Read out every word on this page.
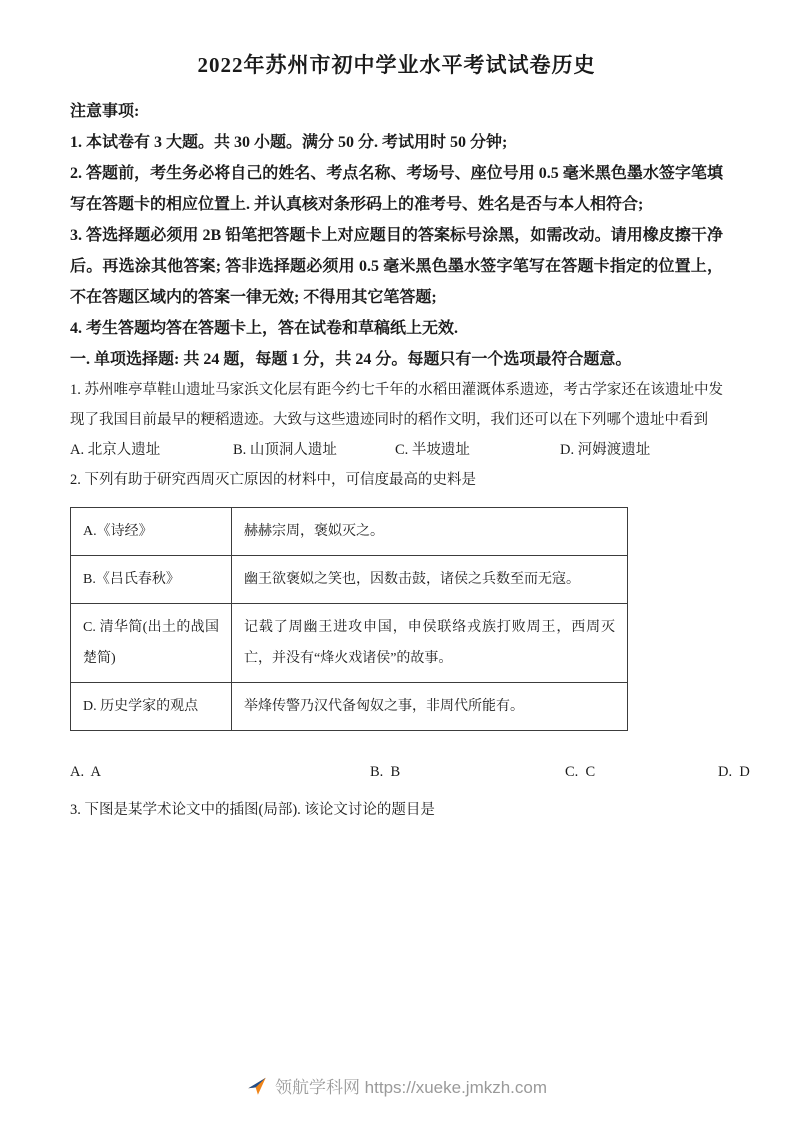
2022年苏州市初中学业水平考试试卷历史

注意事项:

1. 本试卷有 3 大题。共 30 小题。满分 50 分. 考试用时 50 分钟;

2. 答题前，考生务必将自己的姓名、考点名称、考场号、座位号用 0.5 毫米黑色墨水签字笔填写在答题卡的相应位置上. 并认真核对条形码上的准考号、姓名是否与本人相符合;

3. 答选择题必须用 2B 铅笔把答题卡上对应题目的答案标号涂黑，如需改动。请用橡皮擦干净后。再选涂其他答案; 答非选择题必须用 0.5 毫米黑色墨水签字笔写在答题卡指定的位置上，不在答题区域内的答案一律无效; 不得用其它笔答题;

4. 考生答题均答在答题卡上，答在试卷和草稿纸上无效.

一. 单项选择题: 共 24 题，每题 1 分，共 24 分。每题只有一个选项最符合题意。

1. 苏州唯亭草鞋山遗址马家浜文化层有距今约七千年的水稻田灌溉体系遗迹，考古学家还在该遗址中发现了我国目前最早的粳稻遗迹。大致与这些遗迹同时的稻作文明，我们还可以在下列哪个遗址中看到

A. 北京人遗址	B. 山顶洞人遗址	C. 半坡遗址	D. 河姆渡遗址

2. 下列有助于研究西周灭亡原因的材料中，可信度最高的史料是

A.《诗经》	赫赫宗周，褒姒灭之。
B.《吕氏春秋》	幽王欲褒姒之笑也，因数击鼓，诸侯之兵数至而无寇。
C. 清华简(出土的战国楚简)	记载了周幽王进攻申国，申侯联络戎族打败周王，西周灭亡，并没有“烽火戏诸侯”的故事。
D. 历史学家的观点	举烽传警乃汉代备匈奴之事，非周代所能有。
A.  A	B.  B	C.  C	D.  D

3. 下图是某学术论文中的插图(局部). 该论文讨论的题目是

领航学科网 https://xueke.jmkzh.com
